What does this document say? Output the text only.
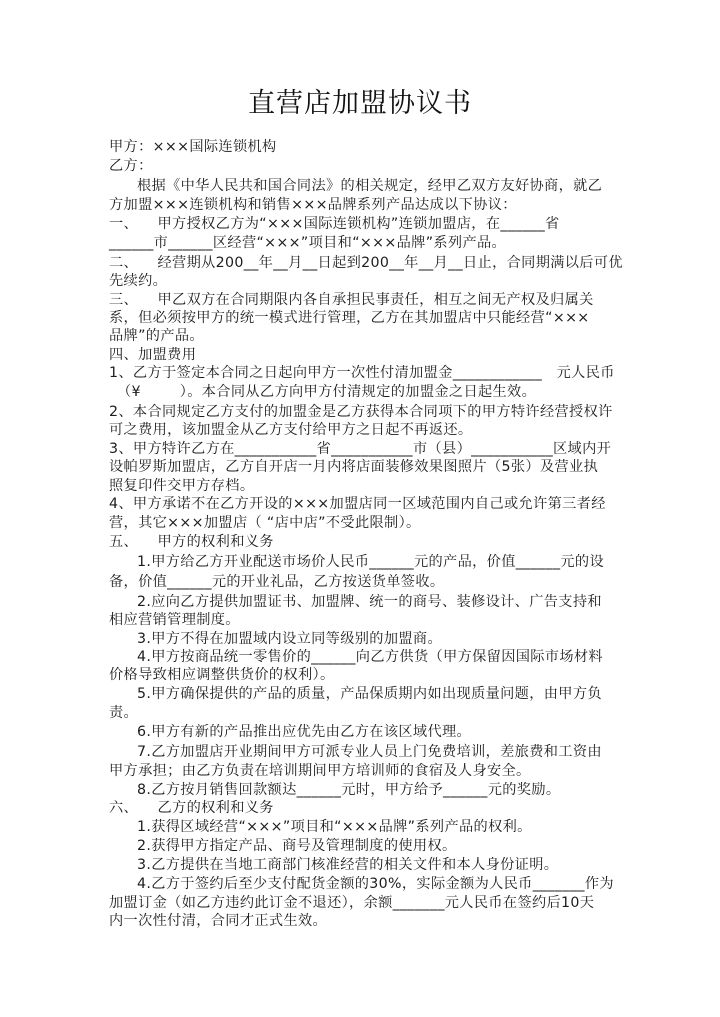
直营店加盟协议书
甲方：×××国际连锁机构
乙方：
根据《中华人民共和国合同法》的相关规定，经甲乙双方友好协商，就乙
方加盟×××连锁机构和销售×××品牌系列产品达成以下协议：
一、    甲方授权乙方为“×××国际连锁机构”连锁加盟店，在______省
______市______区经营“×××”项目和“×××品牌”系列产品。
二、    经营期从200__年__月__日起到200__年__月__日止，合同期满以后可优
先续约。
三、    甲乙双方在合同期限内各自承担民事责任，相互之间无产权及归属关
系，但必须按甲方的统一模式进行管理，乙方在其加盟店中只能经营“×××
品牌”的产品。
四、加盟费用
1、乙方于签定本合同之日起向甲方一次性付清加盟金____________   元人民币
（¥        ）。本合同从乙方向甲方付清规定的加盟金之日起生效。
2、本合同规定乙方支付的加盟金是乙方获得本合同项下的甲方特许经营授权许
可之费用，该加盟金从乙方支付给甲方之日起不再返还。
3、甲方特许乙方在___________省___________市（县）___________区域内开
设帕罗斯加盟店，乙方自开店一月内将店面装修效果图照片（5张）及营业执
照复印件交甲方存档。
4、甲方承诺不在乙方开设的×××加盟店同一区域范围内自己或允许第三者经
营，其它×××加盟店（ “店中店”不受此限制）。
五、    甲方的权利和义务
1.甲方给乙方开业配送市场价人民币______元的产品，价值______元的设
备，价值______元的开业礼品，乙方按送货单签收。
2.应向乙方提供加盟证书、加盟牌、统一的商号、装修设计、广告支持和
相应营销管理制度。
3.甲方不得在加盟域内设立同等级别的加盟商。
4.甲方按商品统一零售价的______向乙方供货（甲方保留因国际市场材料
价格导致相应调整供货价的权利）。
5.甲方确保提供的产品的质量，产品保质期内如出现质量问题，由甲方负
责。
6.甲方有新的产品推出应优先由乙方在该区域代理。
7.乙方加盟店开业期间甲方可派专业人员上门免费培训，差旅费和工资由
甲方承担；由乙方负责在培训期间甲方培训师的食宿及人身安全。
8.乙方按月销售回款额达______元时，甲方给予______元的奖励。
六、    乙方的权利和义务
1.获得区域经营“×××”项目和“×××品牌”系列产品的权利。
2.获得甲方指定产品、商号及管理制度的使用权。
3.乙方提供在当地工商部门核准经营的相关文件和本人身份证明。
4.乙方于签约后至少支付配货金额的30%，实际金额为人民币_______作为
加盟订金（如乙方违约此订金不退还），余额_______元人民币在签约后10天
内一次性付清，合同才正式生效。
